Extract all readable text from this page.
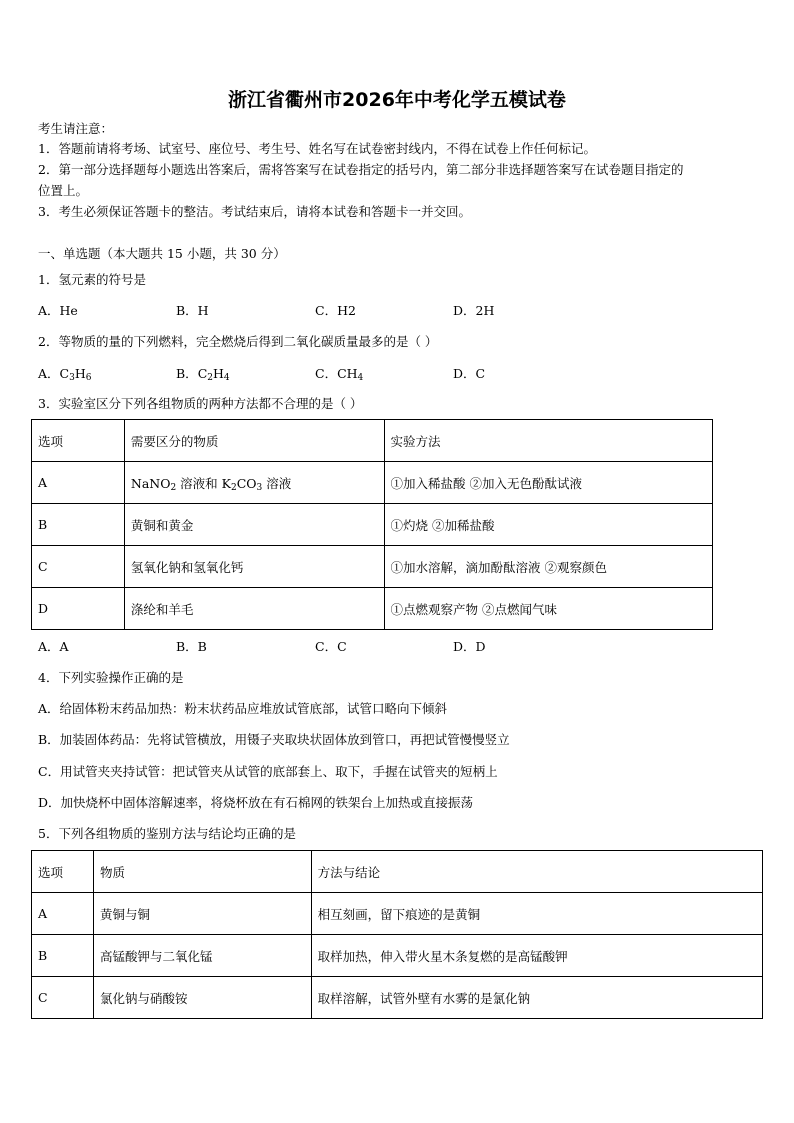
浙江省衢州市2026年中考化学五模试卷
考生请注意：
1．答题前请将考场、试室号、座位号、考生号、姓名写在试卷密封线内，不得在试卷上作任何标记。
2．第一部分选择题每小题选出答案后，需将答案写在试卷指定的括号内，第二部分非选择题答案写在试卷题目指定的
位置上。
3．考生必须保证答题卡的整洁。考试结束后，请将本试卷和答题卡一并交回。
一、单选题（本大题共 15 小题，共 30 分）
1．氢元素的符号是
A．He	B．H	C．H2	D．2H
2．等物质的量的下列燃料，完全燃烧后得到二氧化碳质量最多的是（ ）
A．$C_3H_6$	B．$C_2H_4$	C．$CH_4$	D．C
3．实验室区分下列各组物质的两种方法都不合理的是（ ）
选项	需要区分的物质	实验方法
A	NaNO$_2$ 溶液和 $K_2CO_3$ 溶液	①加入稀盐酸 ②加入无色酚酞试液
B	黄铜和黄金	①灼烧 ②加稀盐酸
C	氢氧化钠和氢氧化钙	①加水溶解，滴加酚酞溶液 ②观察颜色
D	涤纶和羊毛	①点燃观察产物 ②点燃闻气味
A．A	B．B	C．C	D．D
4．下列实验操作正确的是
A．给固体粉末药品加热：粉末状药品应堆放试管底部，试管口略向下倾斜
B．加装固体药品：先将试管横放，用镊子夹取块状固体放到管口，再把试管慢慢竖立
C．用试管夹夹持试管：把试管夹从试管的底部套上、取下，手握在试管夹的短柄上
D．加快烧杯中固体溶解速率，将烧杯放在有石棉网的铁架台上加热或直接振荡
5．下列各组物质的鉴别方法与结论均正确的是
选项	物质	方法与结论
A	黄铜与铜	相互刻画，留下痕迹的是黄铜
B	高锰酸钾与二氧化锰	取样加热，伸入带火星木条复燃的是高锰酸钾
C	氯化钠与硝酸铵	取样溶解，试管外壁有水雾的是氯化钠
